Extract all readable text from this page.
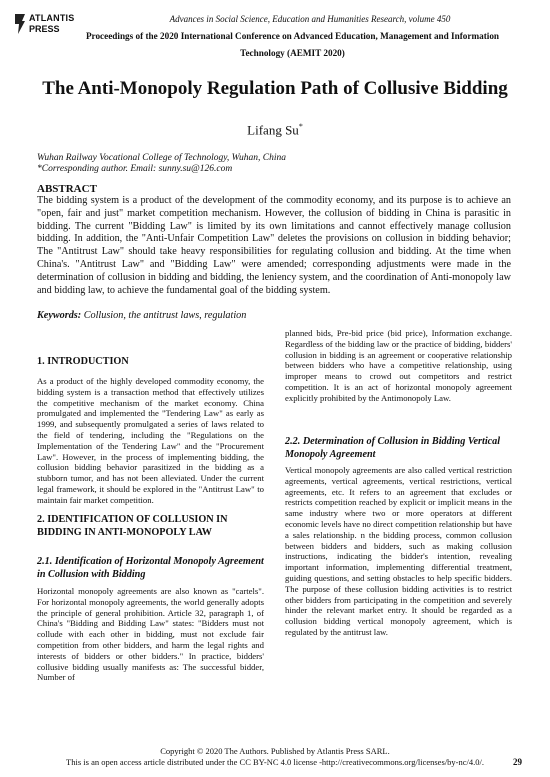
ATLANTIS
PRESS
Advances in Social Science, Education and Humanities Research, volume 450
Proceedings of the 2020 International Conference on Advanced Education, Management and Information Technology (AEMIT 2020)
The Anti-Monopoly Regulation Path of Collusive Bidding
Lifang Su*
Wuhan Railway Vocational College of Technology, Wuhan, China
*Corresponding author. Email: sunny.su@126.com
ABSTRACT
The bidding system is a product of the development of the commodity economy, and its purpose is to achieve an "open, fair and just" market competition mechanism. However, the collusion of bidding in China is parasitic in bidding. The current "Bidding Law" is limited by its own limitations and cannot effectively manage collusion bidding. In addition, the "Anti-Unfair Competition Law" deletes the provisions on collusion in bidding behavior; The "Antitrust Law" should take heavy responsibilities for regulating collusion and bidding. At the time when China's. "Antitrust Law" and "Bidding Law" were amended; corresponding adjustments were made in the determination of collusion in bidding and bidding, the leniency system, and the coordination of Anti-monopoly law and bidding law, to achieve the fundamental goal of the bidding system.
Keywords: Collusion, the antitrust laws, regulation
1. INTRODUCTION
As a product of the highly developed commodity economy, the bidding system is a transaction method that effectively utilizes the competitive mechanism of the market economy. China promulgated and implemented the "Tendering Law" as early as 1999, and subsequently promulgated a series of laws related to the field of tendering, including the "Regulations on the Implementation of the Tendering Law" and the "Procurement Law". However, in the process of implementing bidding, the collusion bidding behavior parasitized in the bidding as a stubborn tumor, and has not been alleviated. Under the current legal framework, it should be explored in the "Antitrust Law" to maintain fair market competition.
2. IDENTIFICATION OF COLLUSION IN BIDDING IN ANTI-MONOPOLY LAW
2.1. Identification of Horizontal Monopoly Agreement in Collusion with Bidding
Horizontal monopoly agreements are also known as "cartels". For horizontal monopoly agreements, the world generally adopts the principle of general prohibition. Article 32, paragraph 1, of China's "Bidding and Bidding Law" states: "Bidders must not collude with each other in bidding, must not exclude fair competition from other bidders, and harm the legal rights and interests of bidders or other bidders." In practice, bidders' collusive bidding usually manifests as: The successful bidder, Number of
planned bids, Pre-bid price (bid price), Information exchange. Regardless of the bidding law or the practice of bidding, bidders' collusion in bidding is an agreement or cooperative relationship between bidders who have a competitive relationship, using improper means to crowd out competitors and restrict competition. It is an act of horizontal monopoly agreement explicitly prohibited by the Antimonopoly Law.
2.2. Determination of Collusion in Bidding Vertical Monopoly Agreement
Vertical monopoly agreements are also called vertical restriction agreements, vertical agreements, vertical restrictions, vertical agreements, etc. It refers to an agreement that excludes or restricts competition reached by explicit or implicit means in the same industry where two or more operators at different economic levels have no direct competition relationship but have a sales relationship. n the bidding process, common collusion between bidders and bidders, such as making collusion instructions, indicating the bidder's intention, revealing important information, implementing differential treatment, guiding questions, and setting obstacles to help specific bidders. The purpose of these collusion bidding activities is to restrict other bidders from participating in the competition and severely hinder the relevant market entry. It should be regarded as a collusion bidding vertical monopoly agreement, which is regulated by the antitrust law.
Copyright © 2020 The Authors. Published by Atlantis Press SARL.
This is an open access article distributed under the CC BY-NC 4.0 license -http://creativecommons.org/licenses/by-nc/4.0/.	29
